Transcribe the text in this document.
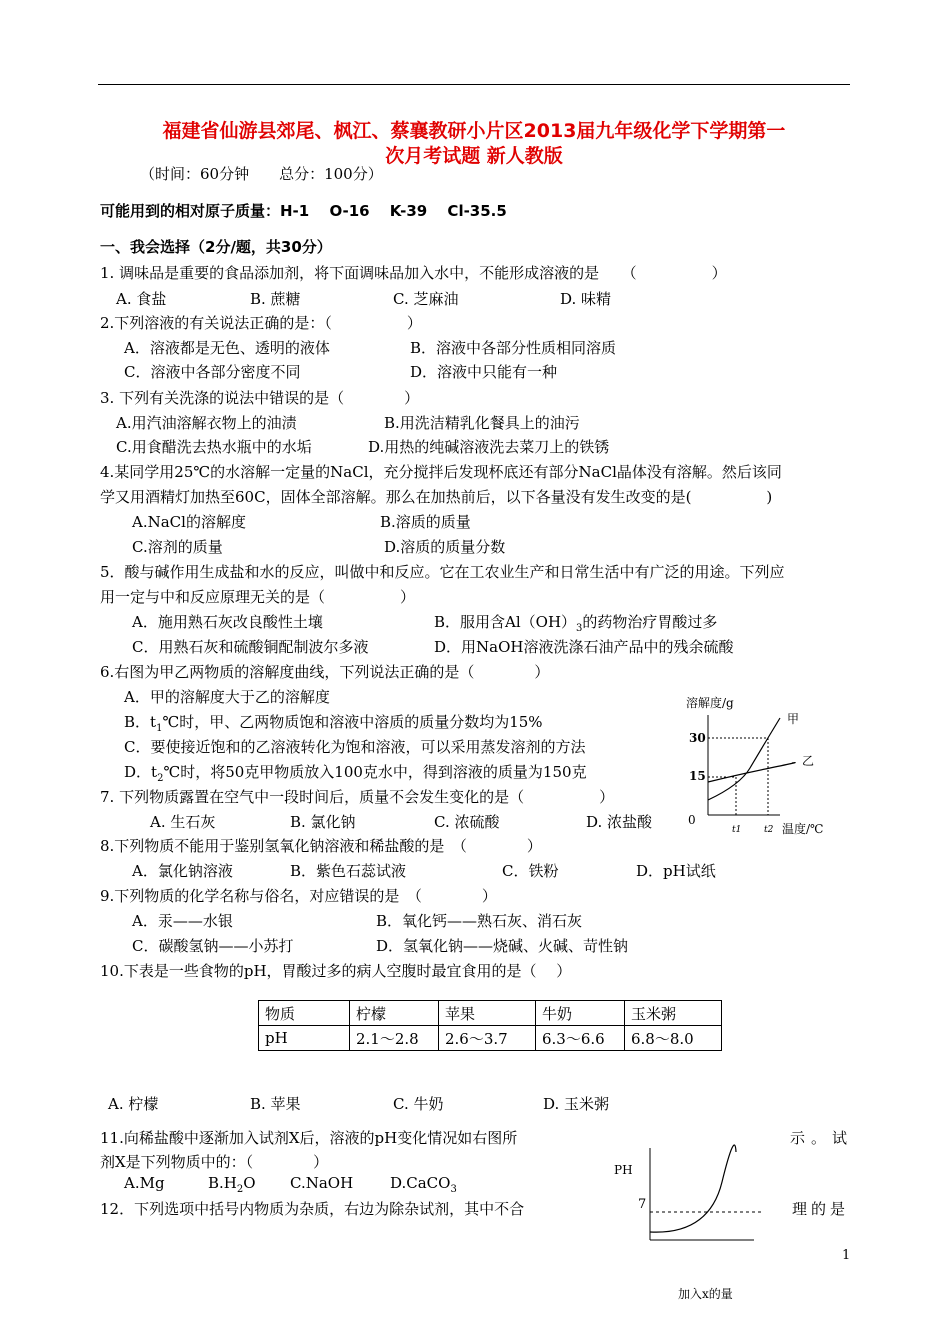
福建省仙游县郊尾、枫江、蔡襄教研小片区2013届九年级化学下学期第一
次月考试题 新人教版
（时间：60分钟　　总分：100分）
可能用到的相对原子质量：H-1　 O-16　 K-39　 Cl-35.5
一、我会选择（2分/题，共30分）
1. 调味品是重要的食品添加剂，将下面调味品加入水中，不能形成溶液的是　　（　　　　　）
A. 食盐	B. 蔗糖	C. 芝麻油	D. 味精
2.下列溶液的有关说法正确的是：（　　　　　）
A．溶液都是无色、透明的液体	B．溶液中各部分性质相同溶质
C．溶液中各部分密度不同	D．溶液中只能有一种
3. 下列有关洗涤的说法中错误的是（　　　　）
A.用汽油溶解衣物上的油渍	B.用洗洁精乳化餐具上的油污
C.用食醋洗去热水瓶中的水垢	D.用热的纯碱溶液洗去菜刀上的铁锈
4.某同学用25℃的水溶解一定量的NaCl，充分搅拌后发现杯底还有部分NaCl晶体没有溶解。然后该同
学又用酒精灯加热至60C，固体全部溶解。那么在加热前后，以下各量没有发生改变的是(　　　　　)
A.NaCl的溶解度	B.溶质的质量
C.溶剂的质量	D.溶质的质量分数
5．酸与碱作用生成盐和水的反应，叫做中和反应。它在工农业生产和日常生活中有广泛的用途。下列应
用一定与中和反应原理无关的是（　　　　　）
A．施用熟石灰改良酸性土壤	B．服用含$Al(OH)_3$的药物治疗胃酸过多
C．用熟石灰和硫酸铜配制波尔多液	D．用NaOH溶液洗涤石油产品中的残余硫酸
6.右图为甲乙两物质的溶解度曲线，下列说法正确的是（　　　　）
A．甲的溶解度大于乙的溶解度
B．$t_1℃$时，甲、乙两物质饱和溶液中溶质的质量分数均为15%
C．要使接近饱和的乙溶液转化为饱和溶液，可以采用蒸发溶剂的方法
D．$t_2℃$时，将50克甲物质放入100克水中，得到溶液的质量为150克
溶解度/g
30
15
甲
乙
0
t1	t2 温度/℃
7. 下列物质露置在空气中一段时间后，质量不会发生变化的是（　　　　　）
A. 生石灰	B. 氯化钠	C. 浓硫酸	D. 浓盐酸
8.下列物质不能用于鉴别氢氧化钠溶液和稀盐酸的是　（　　　　）
A．氯化钠溶液	B．紫色石蕊试液	C．铁粉	D．pH试纸
9.下列物质的化学名称与俗名，对应错误的是　（　　　　）
A．汞——水银	B．氧化钙——熟石灰、消石灰
C．碳酸氢钠——小苏打	D．氢氧化钠——烧碱、火碱、苛性钠
10.下表是一些食物的pH，胃酸过多的病人空腹时最宜食用的是（　 ）
物质	柠檬	苹果	牛奶	玉米粥
pH	2.1～2.8	2.6～3.7	6.3～6.6	6.8～8.0
A. 柠檬	B. 苹果	C. 牛奶	D. 玉米粥
11.向稀盐酸中逐渐加入试剂X后，溶液的pH变化情况如右图所	示。试
剂X是下列物质中的：（　　　　）
A.Mg	$B.H_2O$ C.NaOH D.CaCO$_3$
12．下列选项中括号内物质为杂质，右边为除杂试剂，其中不合	理的是
PH
7
加入x的量
1
